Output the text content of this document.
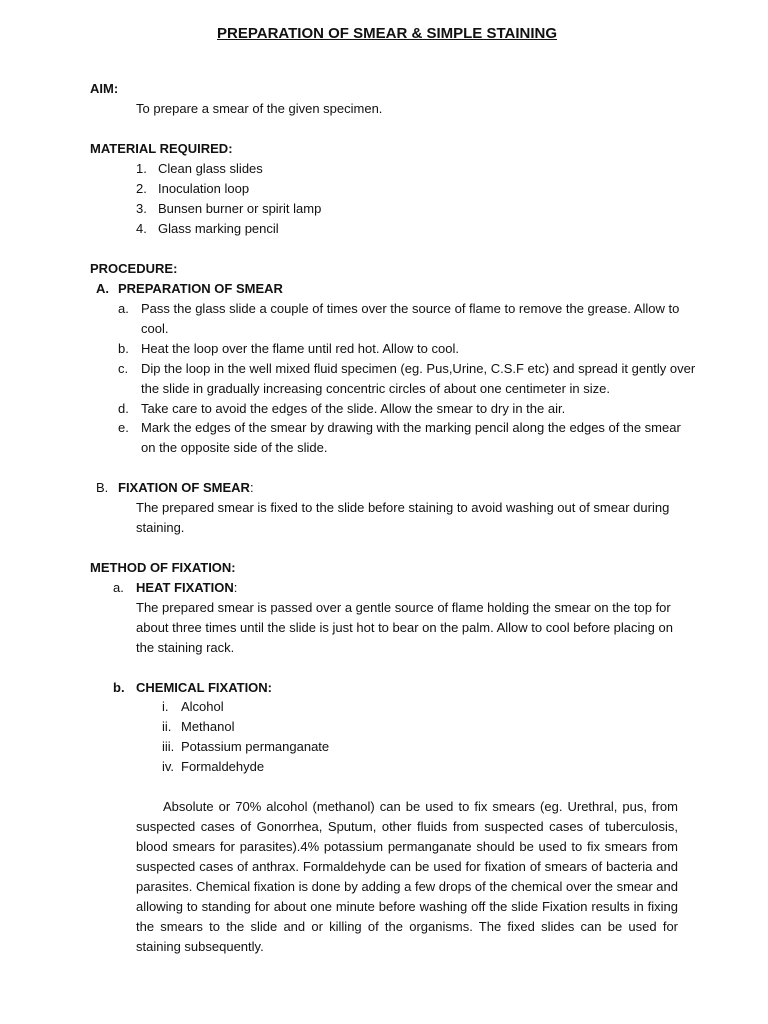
PREPARATION OF SMEAR & SIMPLE STAINING
AIM:
To prepare a smear of the given specimen.
MATERIAL REQUIRED:
1. Clean glass slides
2. Inoculation loop
3. Bunsen burner or spirit lamp
4. Glass marking pencil
PROCEDURE:
A. PREPARATION OF SMEAR
a. Pass the glass slide a couple of times over the source of flame to remove the grease. Allow to
cool.
b. Heat the loop over the flame until red hot. Allow to cool.
c. Dip the loop in the well mixed fluid specimen (eg. Pus,Urine, C.S.F etc) and spread it gently over
the slide in gradually increasing concentric circles of about one centimeter in size.
d. Take care to avoid the edges of the slide. Allow the smear to dry in the air.
e. Mark the edges of the smear by drawing with the marking pencil along the edges of the smear
on the opposite side of the slide.
B. FIXATION OF SMEAR:
The prepared smear is fixed to the slide before staining to avoid washing out of smear during
staining.
METHOD OF FIXATION:
a. HEAT FIXATION:
The prepared smear is passed over a gentle source of flame holding the smear on the top for
about three times until the slide is just hot to bear on the palm. Allow to cool before placing on
the staining rack.
b. CHEMICAL FIXATION:
i. Alcohol
ii. Methanol
iii. Potassium permanganate
iv. Formaldehyde
Absolute or 70% alcohol (methanol) can be used to fix smears (eg. Urethral, pus, from suspected cases of Gonorrhea, Sputum, other fluids from suspected cases of tuberculosis, blood smears for parasites).4% potassium permanganate should be used to fix smears from suspected cases of anthrax. Formaldehyde can be used for fixation of smears of bacteria and parasites. Chemical fixation is done by adding a few drops of the chemical over the smear and allowing to standing for about one minute before washing off the slide Fixation results in fixing the smears to the slide and or killing of the organisms. The fixed slides can be used for staining subsequently.
